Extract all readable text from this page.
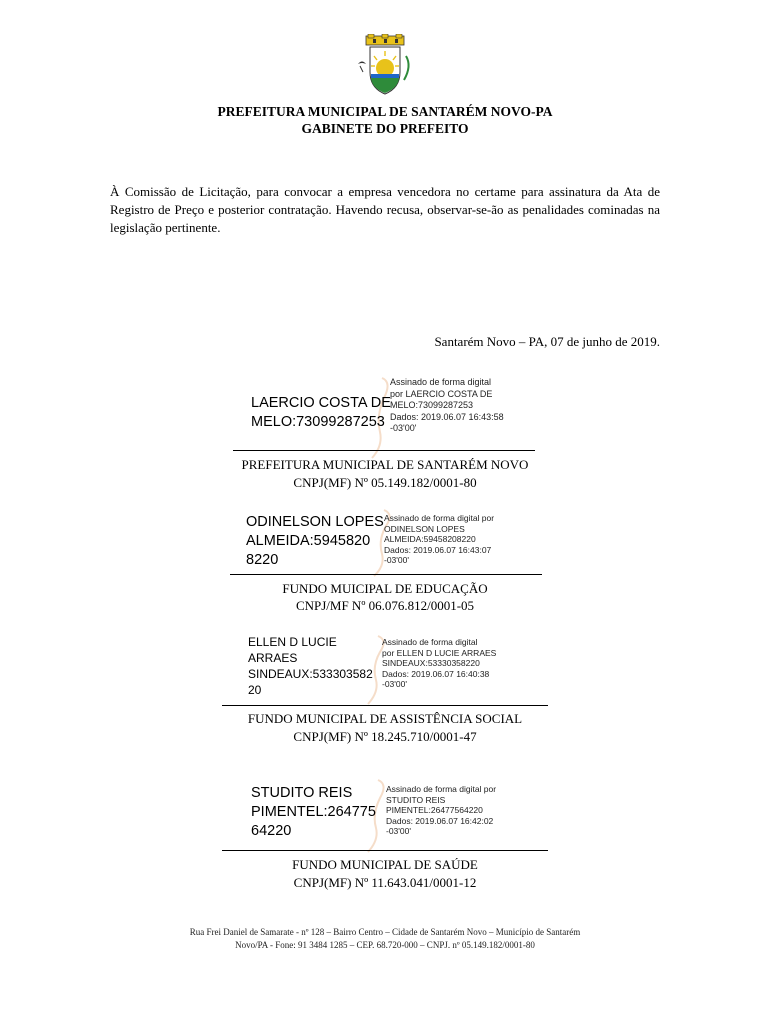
PREFEITURA MUNICIPAL DE SANTARÉM NOVO-PA
GABINETE DO PREFEITO
À Comissão de Licitação, para convocar a empresa vencedora no certame para assinatura da Ata de Registro de Preço e posterior contratação. Havendo recusa, observar-se-ão as penalidades cominadas na legislação pertinente.
Santarém Novo – PA, 07 de junho de 2019.
LAERCIO COSTA DE
MELO:73099287253
Assinado de forma digital
por LAERCIO COSTA DE
MELO:73099287253
Dados: 2019.06.07 16:43:58
-03'00'
PREFEITURA MUNICIPAL DE SANTARÉM NOVO
CNPJ(MF) Nº 05.149.182/0001-80
ODINELSON LOPES
ALMEIDA:5945820
8220
Assinado de forma digital por
ODINELSON LOPES
ALMEIDA:59458208220
Dados: 2019.06.07 16:43:07
-03'00'
FUNDO MUICIPAL DE EDUCAÇÃO
CNPJ/MF Nº 06.076.812/0001-05
ELLEN D LUCIE
ARRAES
SINDEAUX:533303582
20
Assinado de forma digital
por ELLEN D LUCIE ARRAES
SINDEAUX:53330358220
Dados: 2019.06.07 16:40:38
-03'00'
FUNDO MUNICIPAL DE ASSISTÊNCIA SOCIAL
CNPJ(MF) Nº 18.245.710/0001-47
STUDITO REIS
PIMENTEL:264775
64220
Assinado de forma digital por
STUDITO REIS
PIMENTEL:26477564220
Dados: 2019.06.07 16:42:02
-03'00'
FUNDO MUNICIPAL DE SAÚDE
CNPJ(MF) Nº 11.643.041/0001-12
Rua Frei Daniel de Samarate - nº 128 – Bairro Centro – Cidade de Santarém Novo – Município de Santarém
Novo/PA - Fone: 91 3484 1285 – CEP. 68.720-000 – CNPJ. nº 05.149.182/0001-80
